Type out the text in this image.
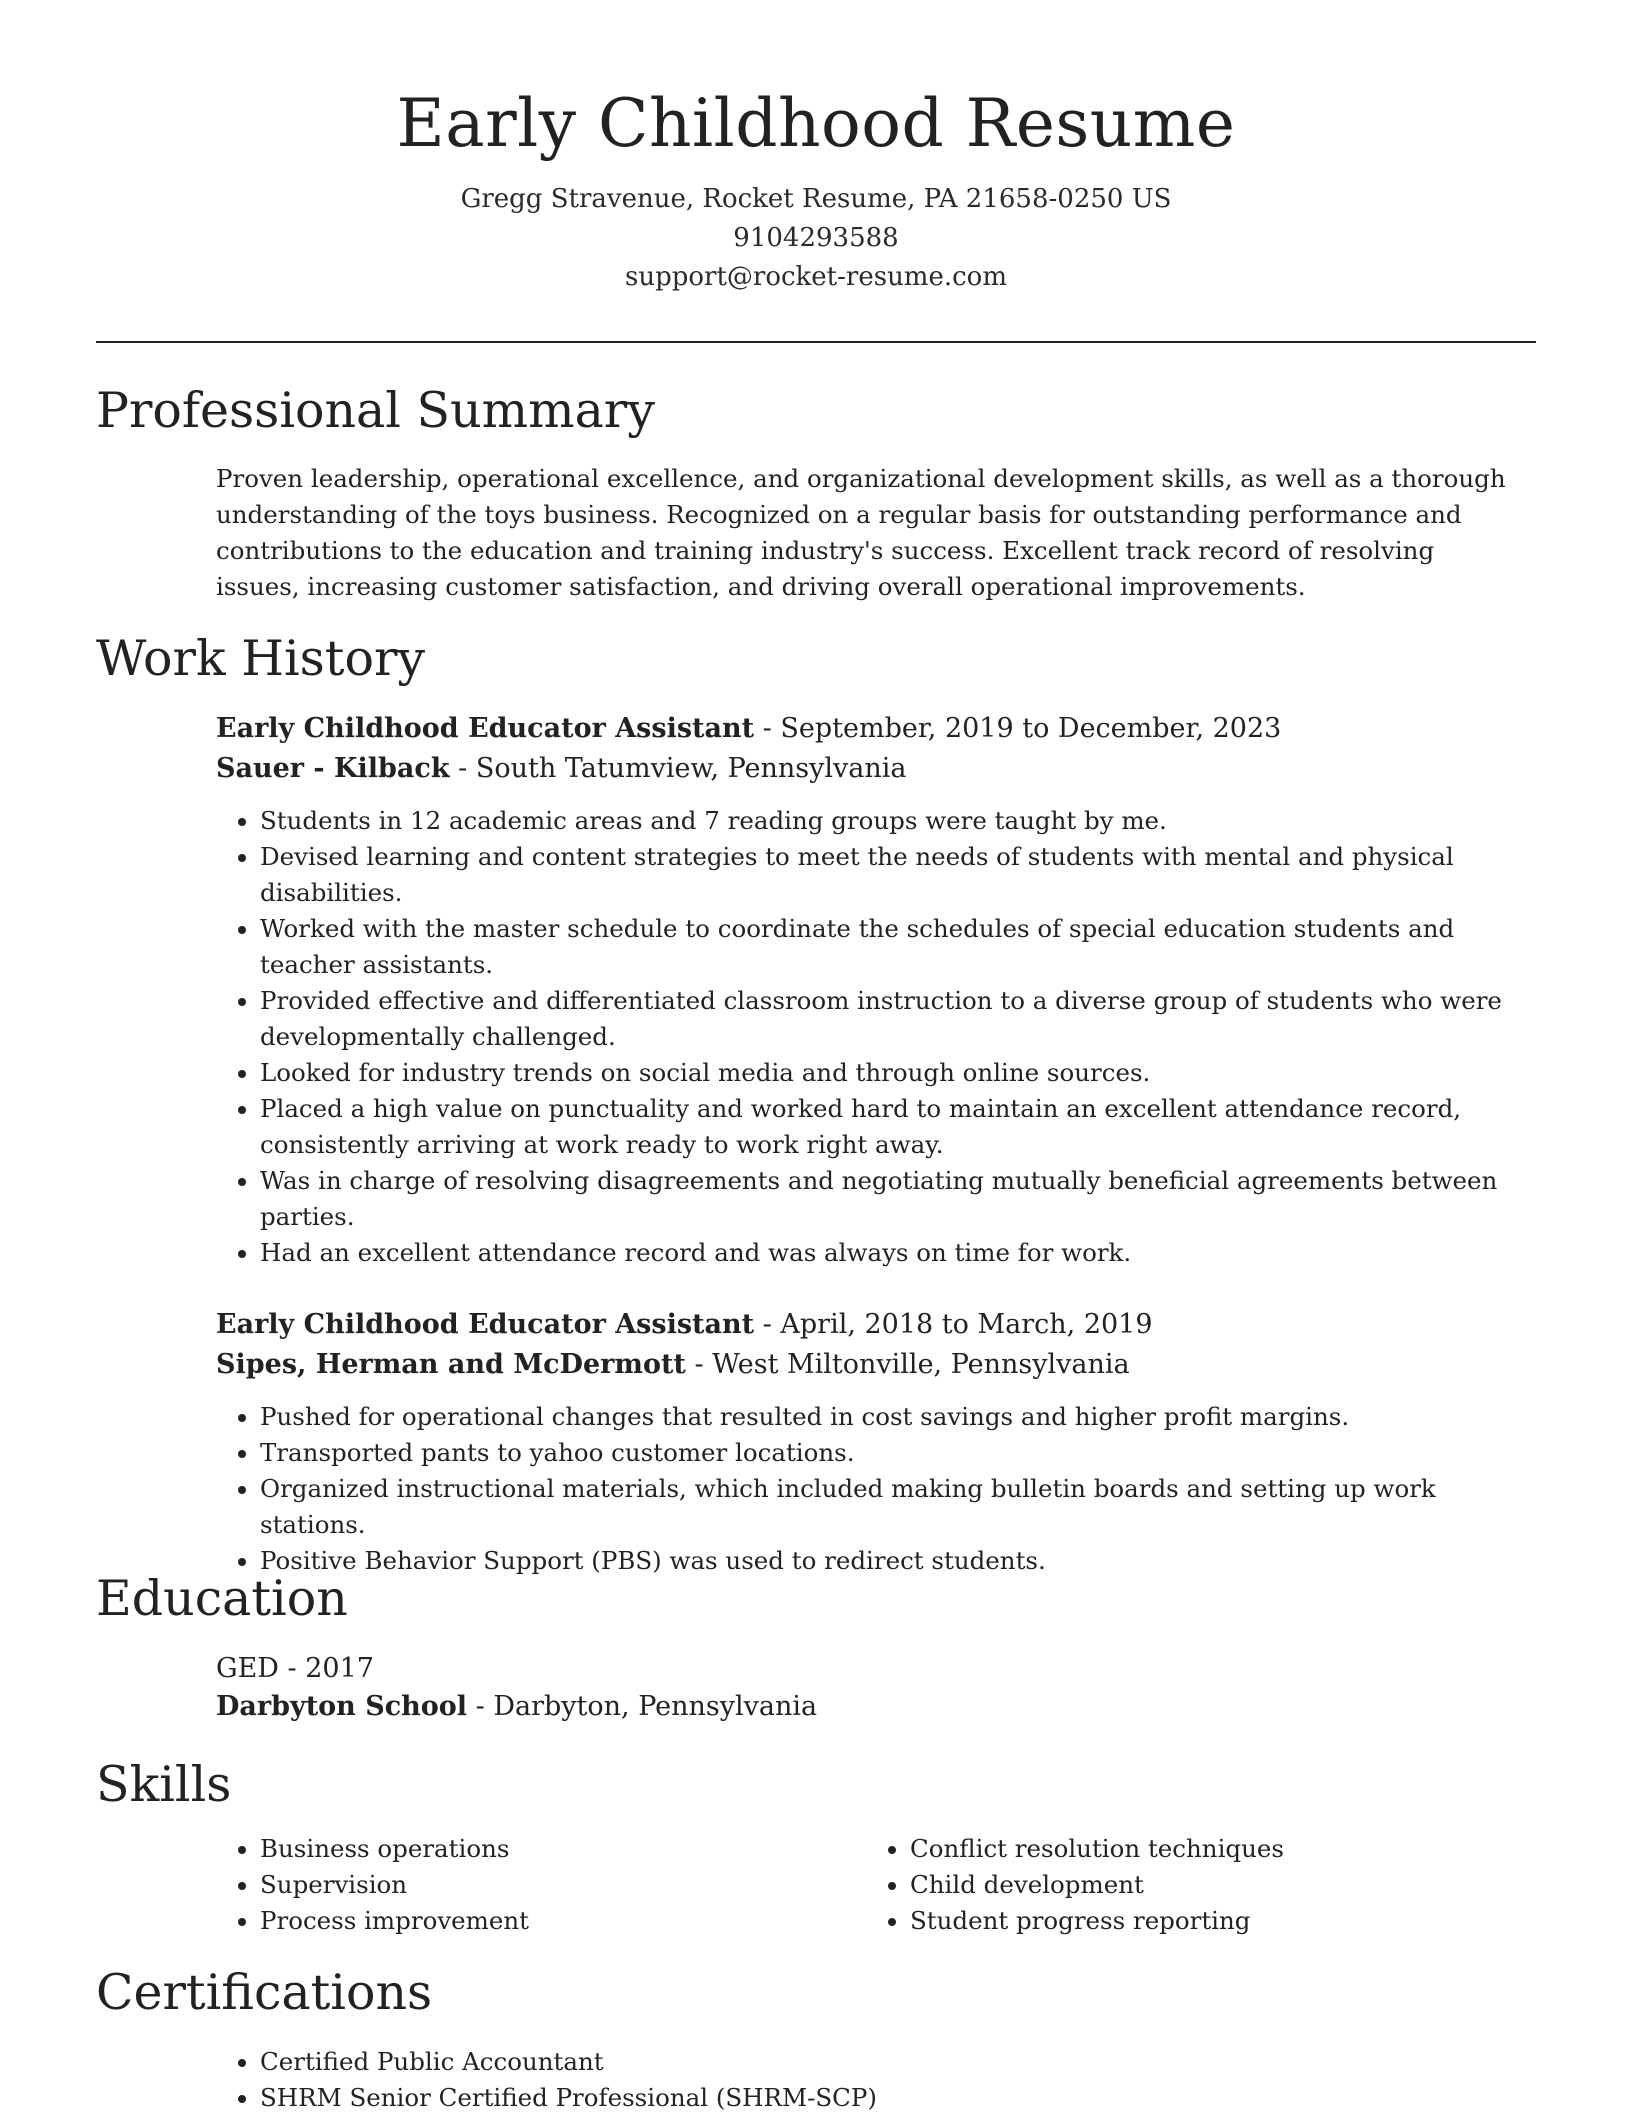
Early Childhood Resume
Gregg Stravenue, Rocket Resume, PA 21658-0250 US
9104293588
support@rocket-resume.com
Professional Summary
Proven leadership, operational excellence, and organizational development skills, as well as a thorough understanding of the toys business. Recognized on a regular basis for outstanding performance and contributions to the education and training industry's success. Excellent track record of resolving issues, increasing customer satisfaction, and driving overall operational improvements.
Work History
Early Childhood Educator Assistant - September, 2019 to December, 2023
Sauer - Kilback - South Tatumview, Pennsylvania
• Students in 12 academic areas and 7 reading groups were taught by me.
• Devised learning and content strategies to meet the needs of students with mental and physical disabilities.
• Worked with the master schedule to coordinate the schedules of special education students and teacher assistants.
• Provided effective and differentiated classroom instruction to a diverse group of students who were developmentally challenged.
• Looked for industry trends on social media and through online sources.
• Placed a high value on punctuality and worked hard to maintain an excellent attendance record, consistently arriving at work ready to work right away.
• Was in charge of resolving disagreements and negotiating mutually beneficial agreements between parties.
• Had an excellent attendance record and was always on time for work.
Early Childhood Educator Assistant - April, 2018 to March, 2019
Sipes, Herman and McDermott - West Miltonville, Pennsylvania
• Pushed for operational changes that resulted in cost savings and higher profit margins.
• Transported pants to yahoo customer locations.
• Organized instructional materials, which included making bulletin boards and setting up work stations.
• Positive Behavior Support (PBS) was used to redirect students.
Education
GED - 2017
Darbyton School - Darbyton, Pennsylvania
Skills
• Business operations
• Supervision
• Process improvement
• Conflict resolution techniques
• Child development
• Student progress reporting
Certifications
• Certified Public Accountant
• SHRM Senior Certified Professional (SHRM-SCP)
